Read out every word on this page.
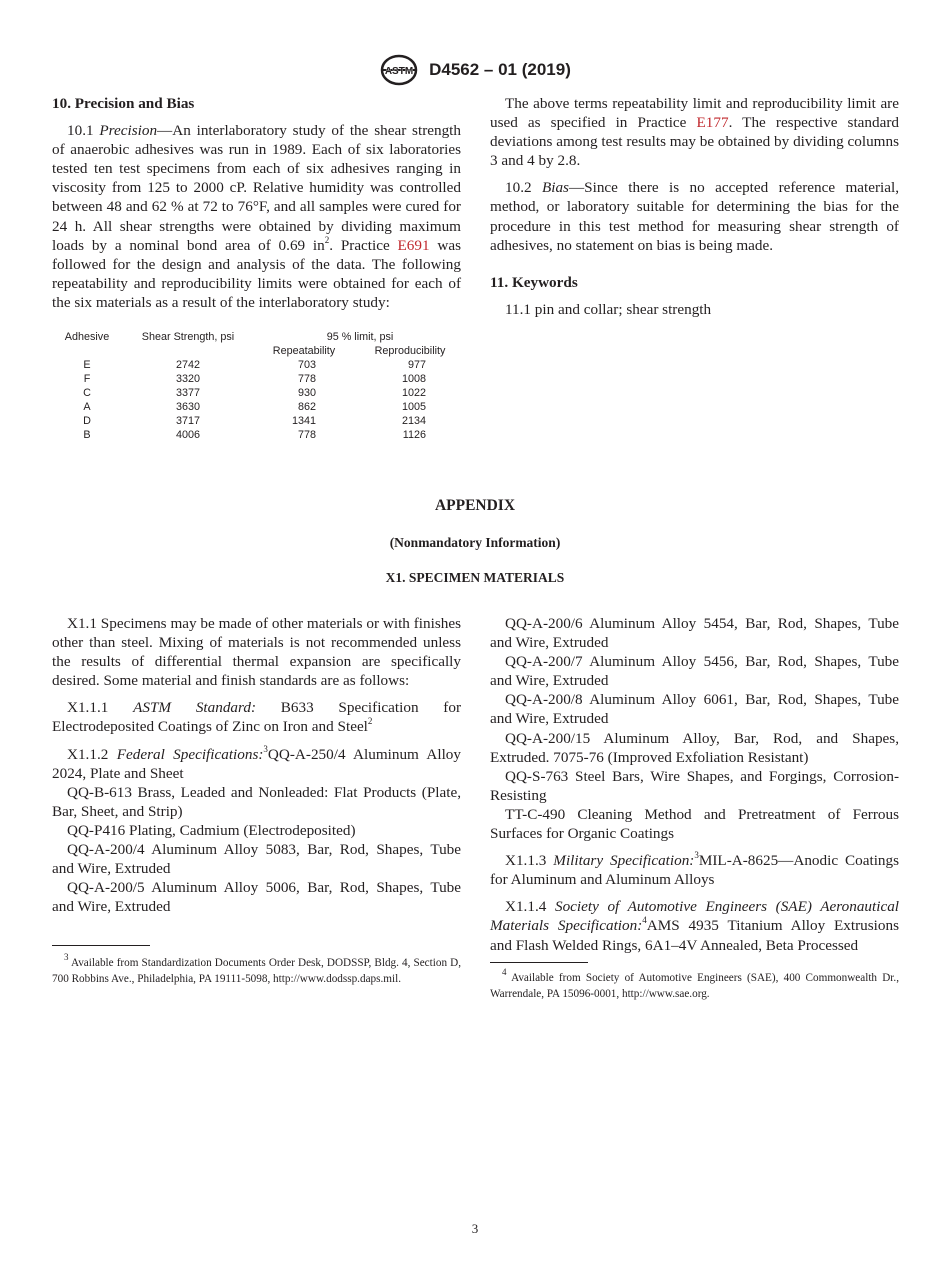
ASTM D4562 – 01 (2019)

10. Precision and Bias

10.1 Precision—An interlaboratory study of the shear strength of anaerobic adhesives was run in 1989. Each of six laboratories tested ten test specimens from each of six adhesives ranging in viscosity from 125 to 2000 cP. Relative humidity was controlled between 48 and 62 % at 72 to 76°F, and all samples were cured for 24 h. All shear strengths were obtained by dividing maximum loads by a nominal bond area of 0.69 $in^2$. Practice E691 was followed for the design and analysis of the data. The following repeatability and reproducibility limits were obtained for each of the six materials as a result of the interlaboratory study:

Adhesive	Shear Strength, psi	95 % limit, psi	
		Repeatability	Reproducibility
E	2742	703	977
F	3320	778	1008
C	3377	930	1022
A	3630	862	1005
D	3717	1341	2134
B	4006	778	1126

The above terms repeatability limit and reproducibility limit are used as specified in Practice E177. The respective standard deviations among test results may be obtained by dividing columns 3 and 4 by 2.8.

10.2 Bias—Since there is no accepted reference material, method, or laboratory suitable for determining the bias for the procedure in this test method for measuring shear strength of adhesives, no statement on bias is being made.

11. Keywords

11.1 pin and collar; shear strength

APPENDIX
(Nonmandatory Information)
X1. SPECIMEN MATERIALS

X1.1 Specimens may be made of other materials or with finishes other than steel. Mixing of materials is not recommended unless the results of differential thermal expansion are specifically desired. Some material and finish standards are as follows:

X1.1.1 ASTM Standard: B633 Specification for Electrodeposited Coatings of Zinc on Iron and Steel$^2$

X1.1.2 Federal Specifications:$^3$QQ-A-250/4 Aluminum Alloy 2024, Plate and Sheet

QQ-B-613 Brass, Leaded and Nonleaded: Flat Products (Plate, Bar, Sheet, and Strip)

QQ-P416 Plating, Cadmium (Electrodeposited)

QQ-A-200/4 Aluminum Alloy 5083, Bar, Rod, Shapes, Tube and Wire, Extruded

QQ-A-200/5 Aluminum Alloy 5006, Bar, Rod, Shapes, Tube and Wire, Extruded

QQ-A-200/6 Aluminum Alloy 5454, Bar, Rod, Shapes, Tube and Wire, Extruded

QQ-A-200/7 Aluminum Alloy 5456, Bar, Rod, Shapes, Tube and Wire, Extruded

QQ-A-200/8 Aluminum Alloy 6061, Bar, Rod, Shapes, Tube and Wire, Extruded

QQ-A-200/15 Aluminum Alloy, Bar, Rod, and Shapes, Extruded. 7075-76 (Improved Exfoliation Resistant)

QQ-S-763 Steel Bars, Wire Shapes, and Forgings, Corrosion-Resisting

TT-C-490 Cleaning Method and Pretreatment of Ferrous Surfaces for Organic Coatings

X1.1.3 Military Specification:$^3$MIL-A-8625—Anodic Coatings for Aluminum and Aluminum Alloys

X1.1.4 Society of Automotive Engineers (SAE) Aeronautical Materials Specification:$^4$AMS 4935 Titanium Alloy Extrusions and Flash Welded Rings, 6A1–4V Annealed, Beta Processed

$^3$ Available from Standardization Documents Order Desk, DODSSP, Bldg. 4, Section D, 700 Robbins Ave., Philadelphia, PA 19111-5098, http://www.dodssp.daps.mil.

$^4$ Available from Society of Automotive Engineers (SAE), 400 Commonwealth Dr., Warrendale, PA 15096-0001, http://www.sae.org.

3
